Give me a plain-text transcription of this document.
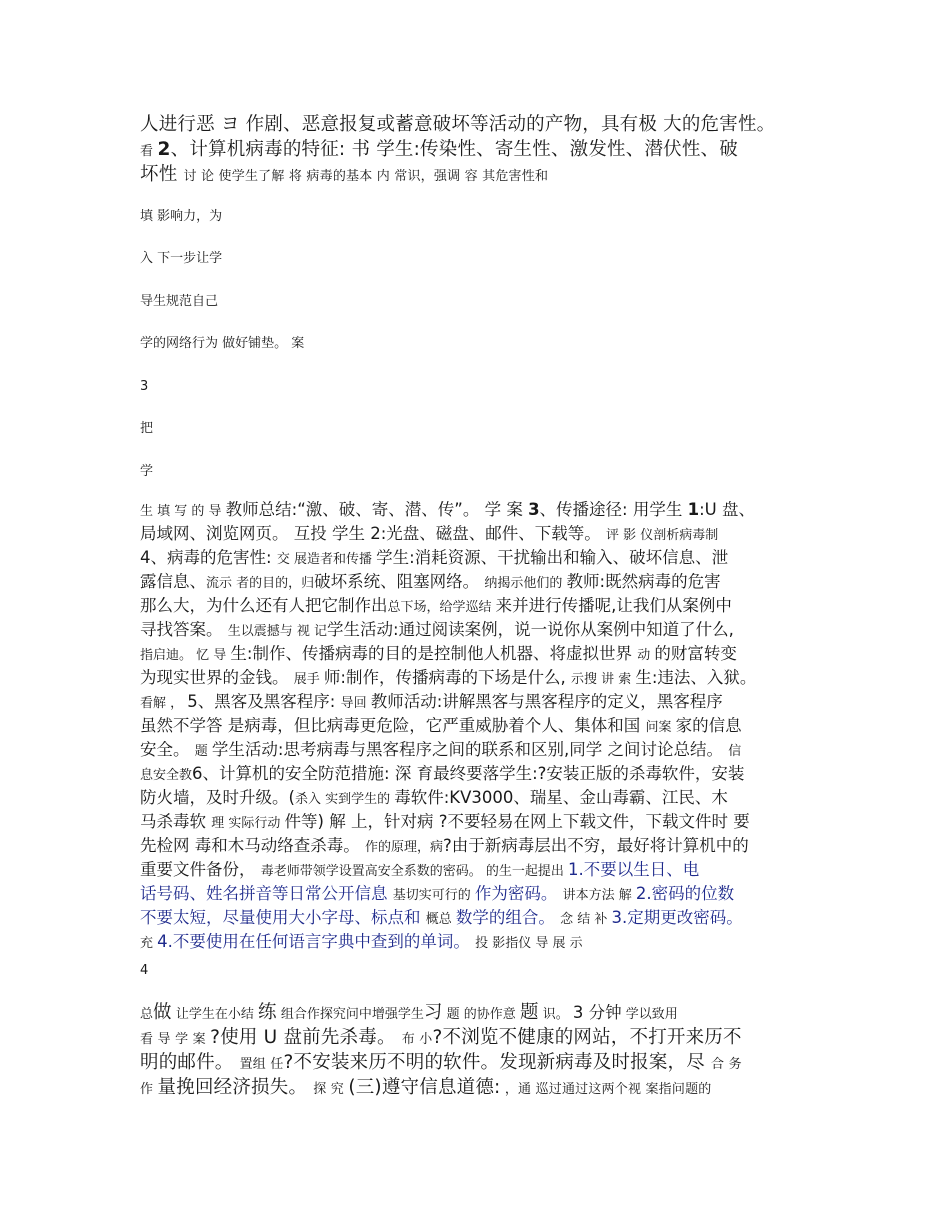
人进行恶 ヨ 作剧、恶意报复或蓄意破坏等活动的产物，具有极 大的危害性。
看 2、计算机病毒的特征: 书 学生:传染性、寄生性、激发性、潜伏性、破
坏性 讨 论 使学生了解 将 病毒的基本 内 常识，强调 容 其危害性和
填 影响力，为
入 下一步让学
导生规范自己
学的网络行为 做好铺垫。 案
3
把
学
生 填 写 的 导 教师总结:“激、破、寄、潜、传”。 学 案 3、传播途径: 用学生 1:U 盘、
局域网、浏览网页。 互投 学生 2:光盘、磁盘、邮件、下载等。 评 影 仪剖析病毒制
4、病毒的危害性: 交 展造者和传播 学生:消耗资源、干扰输出和输入、破坏信息、泄
露信息、流示 者的目的，归破坏系统、阻塞网络。 纳揭示他们的 教师:既然病毒的危害
那么大，为什么还有人把它制作出总下场，给学巡结 来并进行传播呢,让我们从案例中
寻找答案。 生以震撼与 视 记学生活动:通过阅读案例，说一说你从案例中知道了什么,
指启迪。 忆 导 生:制作、传播病毒的目的是控制他人机器、将虚拟世界 动 的财富转变
为现实世界的金钱。 展手 师:制作，传播病毒的下场是什么, 示搜 讲 索 生:违法、入狱。
看解 ， 5、黑客及黑客程序: 导回 教师活动:讲解黑客与黑客程序的定义，黑客程序
虽然不学答 是病毒，但比病毒更危险，它严重威胁着个人、集体和国 问案 家的信息
安全。 题 学生活动:思考病毒与黑客程序之间的联系和区别,同学 之间讨论总结。 信
息安全教6、计算机的安全防范措施: 深 育最终要落学生:?安装正版的杀毒软件，安装
防火墙，及时升级。(杀入 实到学生的 毒软件:KV3000、瑞星、金山毒霸、江民、木
马杀毒软 理 实际行动 件等) 解 上，针对病 ?不要轻易在网上下载文件，下载文件时 要
先检网 毒和木马动络查杀毒。 作的原理，病?由于新病毒层出不穷，最好将计算机中的
重要文件备份， 毒老师带领学设置高安全系数的密码。 的生一起提出 1.不要以生日、电
话号码、姓名拼音等日常公开信息 基切实可行的 作为密码。 讲本方法 解 2.密码的位数
不要太短，尽量使用大小字母、标点和 概总 数学的组合。 念 结 补 3.定期更改密码。
充 4.不要使用在任何语言字典中查到的单词。 投 影指仪 导 展 示
4
总做 让学生在小结 练 组合作探究问中增强学生习 题 的协作意 题 识。 3 分钟 学以致用
看 导 学 案 ?使用 U 盘前先杀毒。 布 小?不浏览不健康的网站，不打开来历不
明的邮件。 置组 任?不安装来历不明的软件。发现新病毒及时报案，尽 合 务
作 量挽回经济损失。 探 究 (三)遵守信息道德: ，通 巡过通过这两个视 案指问题的
